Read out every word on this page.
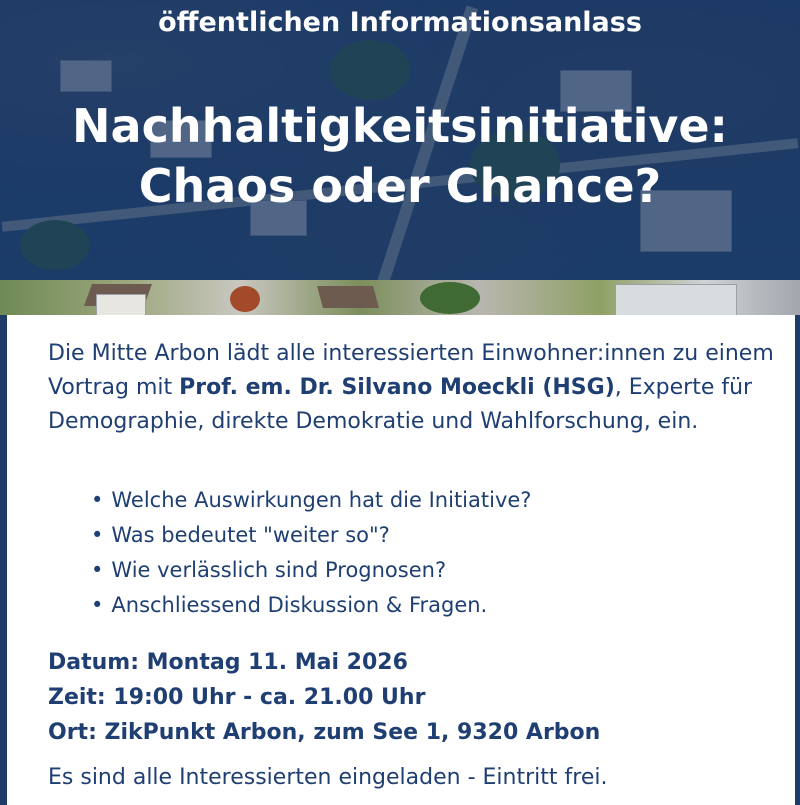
öffentlichen Informationsanlass
Nachhaltigkeitsinitiative:
Chaos oder Chance?

Die Mitte Arbon lädt alle interessierten Einwohner:innen zu einem Vortrag mit Prof. em. Dr. Silvano Moeckli (HSG), Experte für Demographie, direkte Demokratie und Wahlforschung, ein.

• Welche Auswirkungen hat die Initiative?
• Was bedeutet "weiter so"?
• Wie verlässlich sind Prognosen?
• Anschliessend Diskussion & Fragen.
Datum: Montag 11. Mai 2026
Zeit: 19:00 Uhr - ca. 21.00 Uhr
Ort: ZikPunkt Arbon, zum See 1, 9320 Arbon
Es sind alle Interessierten eingeladen - Eintritt frei.
